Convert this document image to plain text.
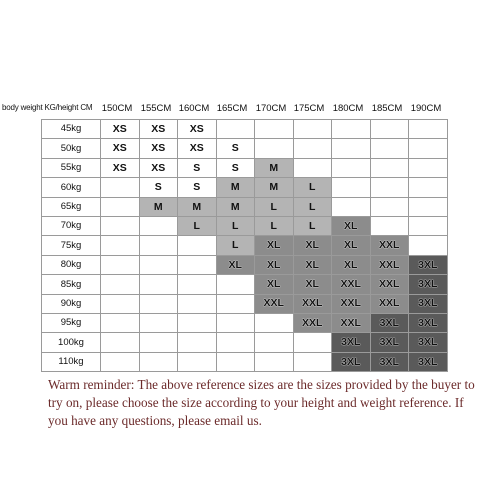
body weight KG/height CM 150CM 155CM 160CM 165CM 170CM 175CM 180CM 185CM 190CM
45kg	XS	XS	XS						
50kg	XS	XS	XS	S					
55kg	XS	XS	S	S	M				
60kg		S	S	M	M	L			
65kg		M	M	M	L	L			
70kg			L	L	L	L	XL		
75kg				L	XL	XL	XL	XXL	
80kg				XL	XL	XL	XL	XXL	3XL
85kg					XL	XL	XXL	XXL	3XL
90kg					XXL	XXL	XXL	XXL	3XL
95kg						XXL	XXL	3XL	3XL
100kg							3XL	3XL	3XL
110kg							3XL	3XL	3XL
Warm reminder: The above reference sizes are the sizes provided by the buyer to try on, please choose the size according to your height and weight reference. If you have any questions, please email us.
